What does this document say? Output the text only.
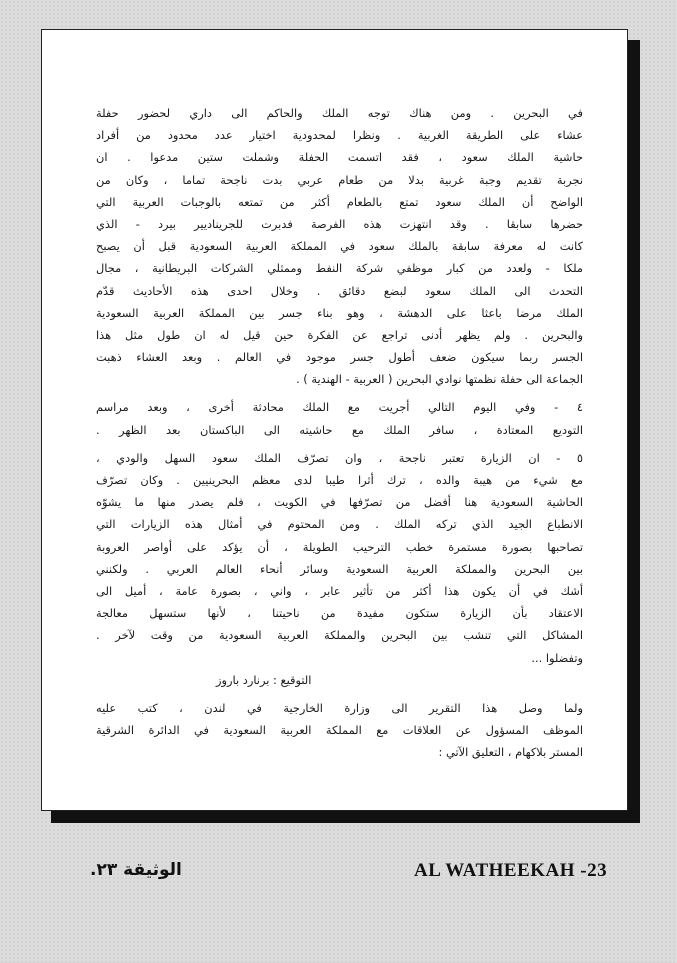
في البحرين . ومن هناك توجه الملك والحاكم الى داري لحضور حفلة
عشاء على الطريقة الغربية . ونظرا لمحدودية اختيار عدد محدود من أفراد
حاشية الملك سعود ، فقد اتسمت الحفلة وشملت ستين مدعوا . ان
نجربة تقديم وجبة غربية بدلا من طعام عربي بدت ناجحة تماما ، وكان من
الواضح أن الملك سعود تمتع بالطعام أكثر من تمتعه بالوجبات العربية التي
حضرها سابقا . وقد انتهزت هذه الفرصة فدبرت للجريناديير بيرد - الذي
كانت له معرفة سابقة بالملك سعود في المملكة العربية السعودية قبل أن يصبح
ملكا - ولعدد من كبار موظفي شركة النفط وممثلي الشركات البريطانية ، مجال
التحدث الى الملك سعود لبضع دقائق . وخلال احدى هذه الأحاديث قدّم
الملك مرضا باعثا على الدهشة ، وهو بناء جسر بين المملكة العربية السعودية
والبحرين . ولم يظهر أدنى تراجع عن الفكرة حين قيل له ان طول مثل هذا
الجسر ربما سيكون ضعف أطول جسر موجود في العالم . وبعد العشاء ذهبت
الجماعة الى حفلة نظمتها نوادي البحرين ( العربية - الهندية ) .
٤ - وفي اليوم التالي أجريت مع الملك محادثة أخرى ، وبعد مراسم
التوديع المعتادة ، سافر الملك مع حاشيته الى الباكستان بعد الظهر .
٥ - ان الزيارة تعتبر ناجحة ، وان تصرّف الملك سعود السهل والودي ،
مع شيء من هيبة والده ، ترك أثرا طيبا لدى معظم البحرينيين . وكان تصرّف
الحاشية السعودية هنا أفضل من تصرّفها في الكويت ، فلم يصدر منها ما يشوّه
الانطباع الجيد الذي تركه الملك . ومن المحتوم في أمثال هذه الزيارات التي
تصاحبها بصورة مستمرة خطب الترحيب الطويلة ، أن يؤكد على أواصر العروبة
بين البحرين والمملكة العربية السعودية وسائر أنحاء العالم العربي . ولكنني
أشك في أن يكون هذا أكثر من تأثير عابر ، واني ، بصورة عامة ، أميل الى
الاعتقاد بأن الزيارة ستكون مفيدة من ناحيتنا ، لأنها ستسهل معالجة
المشاكل التي تنشب بين البحرين والمملكة العربية السعودية من وقت لآخر .
وتفضلوا ...
التوقيع : برنارد باروز
ولما وصل هذا التقرير الى وزارة الخارجية في لندن ، كتب عليه
الموظف المسؤول عن العلاقات مع المملكة العربية السعودية في الدائرة الشرقية
المستر بلاكهام ، التعليق الآتي :
AL WATHEEKAH -23
الوثيقة ٢٣.
